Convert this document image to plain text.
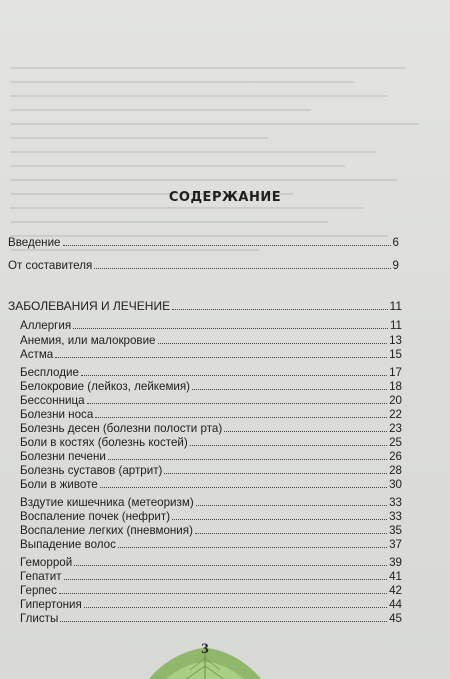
СОДЕРЖАНИЕ
Введение	6
От составителя	9
ЗАБОЛЕВАНИЯ И ЛЕЧЕНИЕ	11
Аллергия	11
Анемия, или малокровие	13
Астма	15
Бесплодие	17
Белокровие (лейкоз, лейкемия)	18
Бессонница	20
Болезни носа	22
Болезнь десен (болезни полости рта)	23
Боли в костях (болезнь костей)	25
Болезни печени	26
Болезнь суставов (артрит)	28
Боли в животе	30
Вздутие кишечника (метеоризм)	33
Воспаление почек (нефрит)	33
Воспаление легких (пневмония)	35
Выпадение волос	37
Геморрой	39
Гепатит	41
Герпес	42
Гипертония	44
Глисты	45
3
